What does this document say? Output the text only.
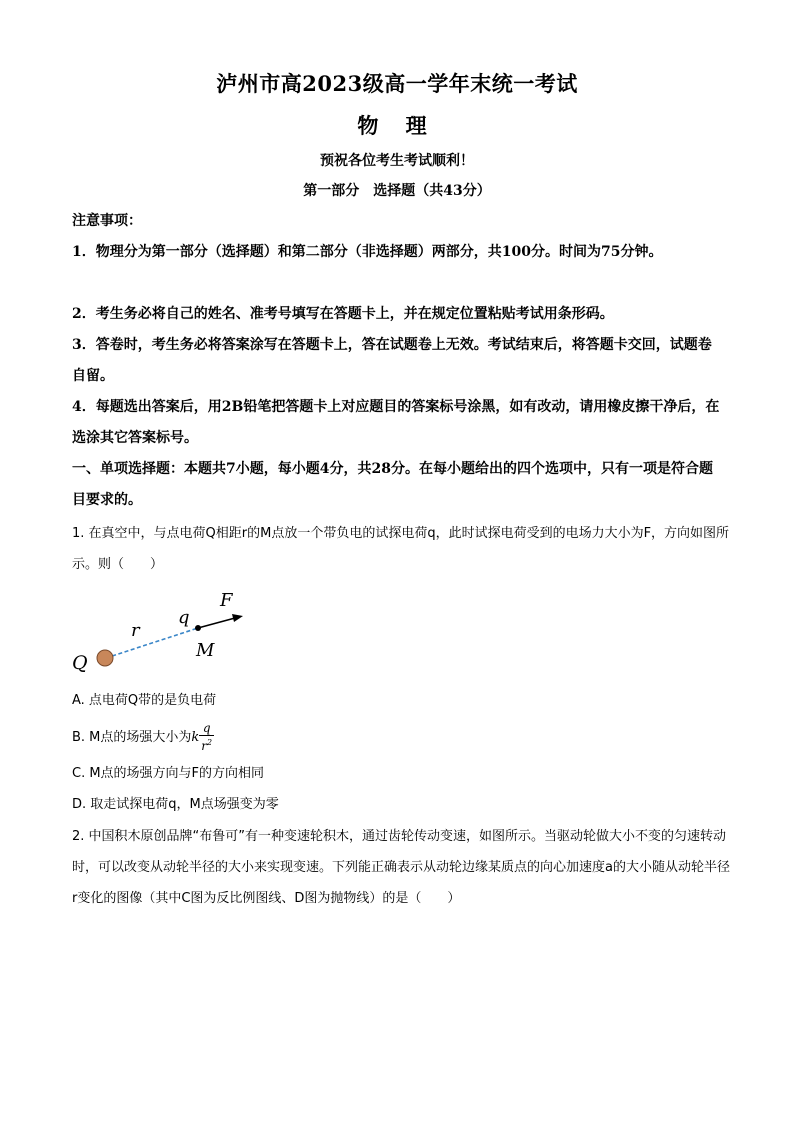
泸州市高2023级高一学年末统一考试
物 理
预祝各位考生考试顺利！
第一部分　选择题（共43分）
注意事项：
1．物理分为第一部分（选择题）和第二部分（非选择题）两部分，共100分。时间为75分钟。
2．考生务必将自己的姓名、准考号填写在答题卡上，并在规定位置粘贴考试用条形码。
3．答卷时，考生务必将答案涂写在答题卡上，答在试题卷上无效。考试结束后，将答题卡交回，试题卷自留。
4．每题选出答案后，用2B铅笔把答题卡上对应题目的答案标号涂黑，如有改动，请用橡皮擦干净后，在选涂其它答案标号。
一、单项选择题：本题共7小题，每小题4分，共28分。在每小题给出的四个选项中，只有一项是符合题目要求的。
1. 在真空中，与点电荷Q相距r的M点放一个带负电的试探电荷q，此时试探电荷受到的电场力大小为F，方向如图所示。则（　　）
Q
r
q
M
F
A. 点电荷Q带的是负电荷
B. M点的场强大小为k $\frac{q}{r^2}$
C. M点的场强方向与F的方向相同
D. 取走试探电荷q，M点场强变为零
2. 中国积木原创品牌“布鲁可”有一种变速轮积木，通过齿轮传动变速，如图所示。当驱动轮做大小不变的匀速转动时，可以改变从动轮半径的大小来实现变速。下列能正确表示从动轮边缘某质点的向心加速度a的大小随从动轮半径r变化的图像（其中C图为反比例图线、D图为抛物线）的是（　　）
